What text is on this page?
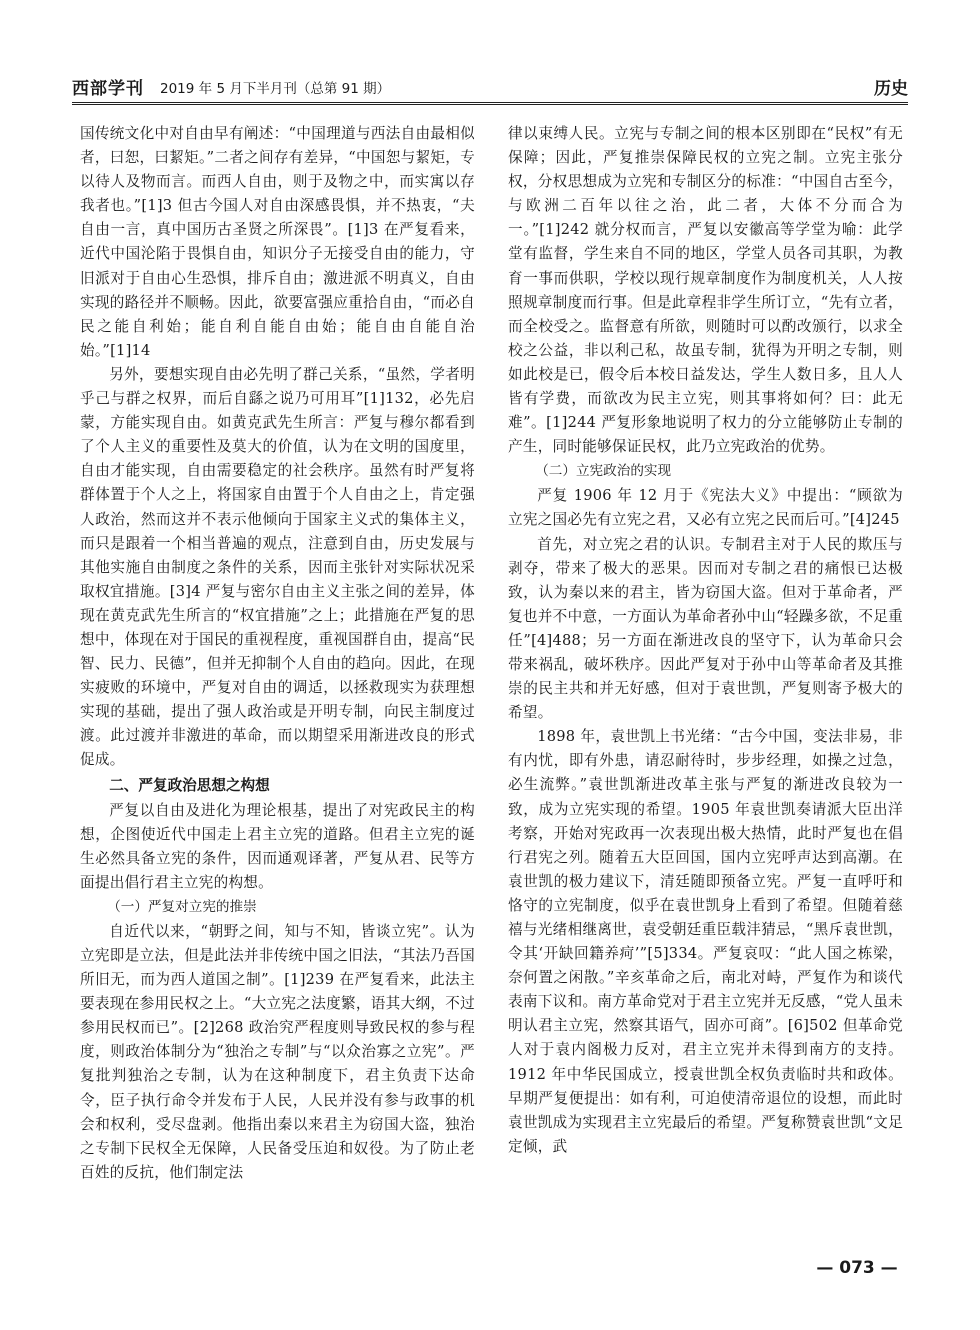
西部学刊 2019 年 5 月下半月刊（总第 91 期）	历史

国传统文化中对自由早有阐述：“中国理道与西法自由最相似者，曰恕，曰絜矩。”二者之间存有差异，“中国恕与絜矩，专以待人及物而言。而西人自由，则于及物之中，而实寓以存我者也。”[1]3 但古今国人对自由深感畏惧，并不热衷，“夫自由一言，真中国历古圣贤之所深畏”。[1]3 在严复看来，近代中国沦陷于畏惧自由，知识分子无接受自由的能力，守旧派对于自由心生恐惧，排斥自由；激进派不明真义，自由实现的路径并不顺畅。因此，欲要富强应重拾自由，“而必自民之能自利始；能自利自能自由始；能自由自能自治始。”[1]14

另外，要想实现自由必先明了群己关系，“虽然，学者明乎己与群之权界，而后自繇之说乃可用耳”[1]132，必先启蒙，方能实现自由。如黄克武先生所言：严复与穆尔都看到了个人主义的重要性及莫大的价值，认为在文明的国度里，自由才能实现，自由需要稳定的社会秩序。虽然有时严复将群体置于个人之上，将国家自由置于个人自由之上，肯定强人政治，然而这并不表示他倾向于国家主义式的集体主义，而只是跟着一个相当普遍的观点，注意到自由，历史发展与其他实施自由制度之条件的关系，因而主张针对实际状况采取权宜措施。[3]4 严复与密尔自由主义主张之间的差异，体现在黄克武先生所言的“权宜措施”之上；此措施在严复的思想中，体现在对于国民的重视程度，重视国群自由，提高“民智、民力、民德”，但并无抑制个人自由的趋向。因此，在现实疲败的环境中，严复对自由的调适，以拯救现实为获理想实现的基础，提出了强人政治或是开明专制，向民主制度过渡。此过渡并非激进的革命，而以期望采用渐进改良的形式促成。

二、严复政治思想之构想

严复以自由及进化为理论根基，提出了对宪政民主的构想，企图使近代中国走上君主立宪的道路。但君主立宪的诞生必然具备立宪的条件，因而通观译著，严复从君、民等方面提出倡行君主立宪的构想。

（一）严复对立宪的推崇

自近代以来，“朝野之间，知与不知，皆谈立宪”。认为立宪即是立法，但是此法并非传统中国之旧法，“其法乃吾国所旧无，而为西人道国之制”。[1]239 在严复看来，此法主要表现在参用民权之上。“大立宪之法度繁，语其大纲，不过参用民权而已”。[2]268 政治究严程度则导致民权的参与程度，则政治体制分为“独治之专制”与“以众治寡之立宪”。严复批判独治之专制，认为在这种制度下，君主负责下达命令，臣子执行命令并发布于人民，人民并没有参与政事的机会和权利，受尽盘剥。他指出秦以来君主为窃国大盗，独治之专制下民权全无保障，人民备受压迫和奴役。为了防止老百姓的反抗，他们制定法

律以束缚人民。立宪与专制之间的根本区别即在“民权”有无保障；因此，严复推崇保障民权的立宪之制。立宪主张分权，分权思想成为立宪和专制区分的标准：“中国自古至今，与欧洲二百年以往之治，此二者，大体不分而合为一。”[1]242 就分权而言，严复以安徽高等学堂为喻：此学堂有监督，学生来自不同的地区，学堂人员各司其职，为教育一事而供职，学校以现行规章制度作为制度机关，人人按照规章制度而行事。但是此章程非学生所订立，“先有立者，而全校受之。监督意有所欲，则随时可以酌改颁行，以求全校之公益，非以利己私，故虽专制，犹得为开明之专制，则如此校是已，假令后本校日益发达，学生人数日多，且人人皆有学费，而欲改为民主立宪，则其事将如何？曰：此无难”。[1]244 严复形象地说明了权力的分立能够防止专制的产生，同时能够保证民权，此乃立宪政治的优势。

（二）立宪政治的实现

严复 1906 年 12 月于《宪法大义》中提出：“顾欲为立宪之国必先有立宪之君，又必有立宪之民而后可。”[4]245

首先，对立宪之君的认识。专制君主对于人民的欺压与剥夺，带来了极大的恶果。因而对专制之君的痛恨已达极致，认为秦以来的君主，皆为窃国大盗。但对于革命者，严复也并不中意，一方面认为革命者孙中山“轻躁多欲，不足重任”[4]488；另一方面在渐进改良的坚守下，认为革命只会带来祸乱，破坏秩序。因此严复对于孙中山等革命者及其推崇的民主共和并无好感，但对于袁世凯，严复则寄予极大的希望。

1898 年，袁世凯上书光绪：“古今中国，变法非易，非有内忧，即有外患，请忍耐待时，步步经理，如操之过急，必生流弊。”袁世凯渐进改革主张与严复的渐进改良较为一致，成为立宪实现的希望。1905 年袁世凯奏请派大臣出洋考察，开始对宪政再一次表现出极大热情，此时严复也在倡行君宪之列。随着五大臣回国，国内立宪呼声达到高潮。在袁世凯的极力建议下，清廷随即预备立宪。严复一直呼吁和恪守的立宪制度，似乎在袁世凯身上看到了希望。但随着慈禧与光绪相继离世，袁受朝廷重臣载沣猜忌，“黑斥袁世凯，令其‘开缺回籍养疴’”[5]334。严复哀叹：“此人国之栋梁，奈何置之闲散。”辛亥革命之后，南北对峙，严复作为和谈代表南下议和。南方革命党对于君主立宪并无反感，“党人虽未明认君主立宪，然察其语气，固亦可商”。[6]502 但革命党人对于袁内阁极力反对，君主立宪并未得到南方的支持。1912 年中华民国成立，授袁世凯全权负责临时共和政体。早期严复便提出：如有利，可迫使清帝退位的设想，而此时袁世凯成为实现君主立宪最后的希望。严复称赞袁世凯“文足定倾，武

— 073 —
